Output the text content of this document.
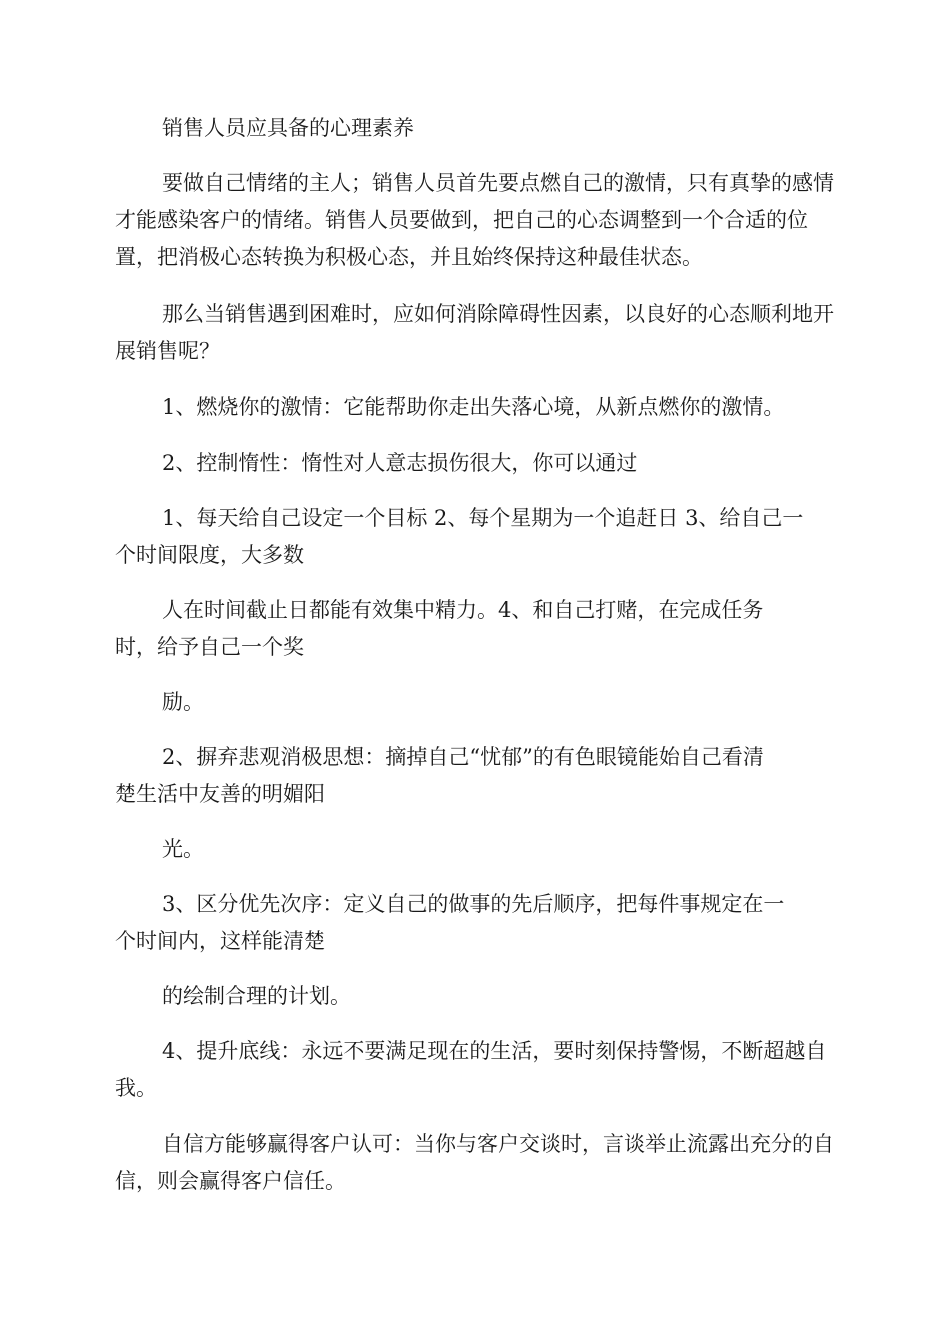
销售人员应具备的心理素养

要做自己情绪的主人；销售人员首先要点燃自己的激情，只有真挚的感情才能感染客户的情绪。销售人员要做到，把自己的心态调整到一个合适的位置，把消极心态转换为积极心态，并且始终保持这种最佳状态。

那么当销售遇到困难时，应如何消除障碍性因素，以良好的心态顺利地开展销售呢？

1、燃烧你的激情：它能帮助你走出失落心境，从新点燃你的激情。

2、控制惰性：惰性对人意志损伤很大，你可以通过

1、每天给自己设定一个目标 2、每个星期为一个追赶日 3、给自己一

个时间限度，大多数

人在时间截止日都能有效集中精力。4、和自己打赌，在完成任务

时，给予自己一个奖

励。

2、摒弃悲观消极思想：摘掉自己“忧郁”的有色眼镜能始自己看清

楚生活中友善的明媚阳

光。

3、区分优先次序：定义自己的做事的先后顺序，把每件事规定在一

个时间内，这样能清楚

的绘制合理的计划。

4、提升底线：永远不要满足现在的生活，要时刻保持警惕，不断超越自我。

自信方能够赢得客户认可：当你与客户交谈时，言谈举止流露出充分的自信，则会赢得客户信任。
